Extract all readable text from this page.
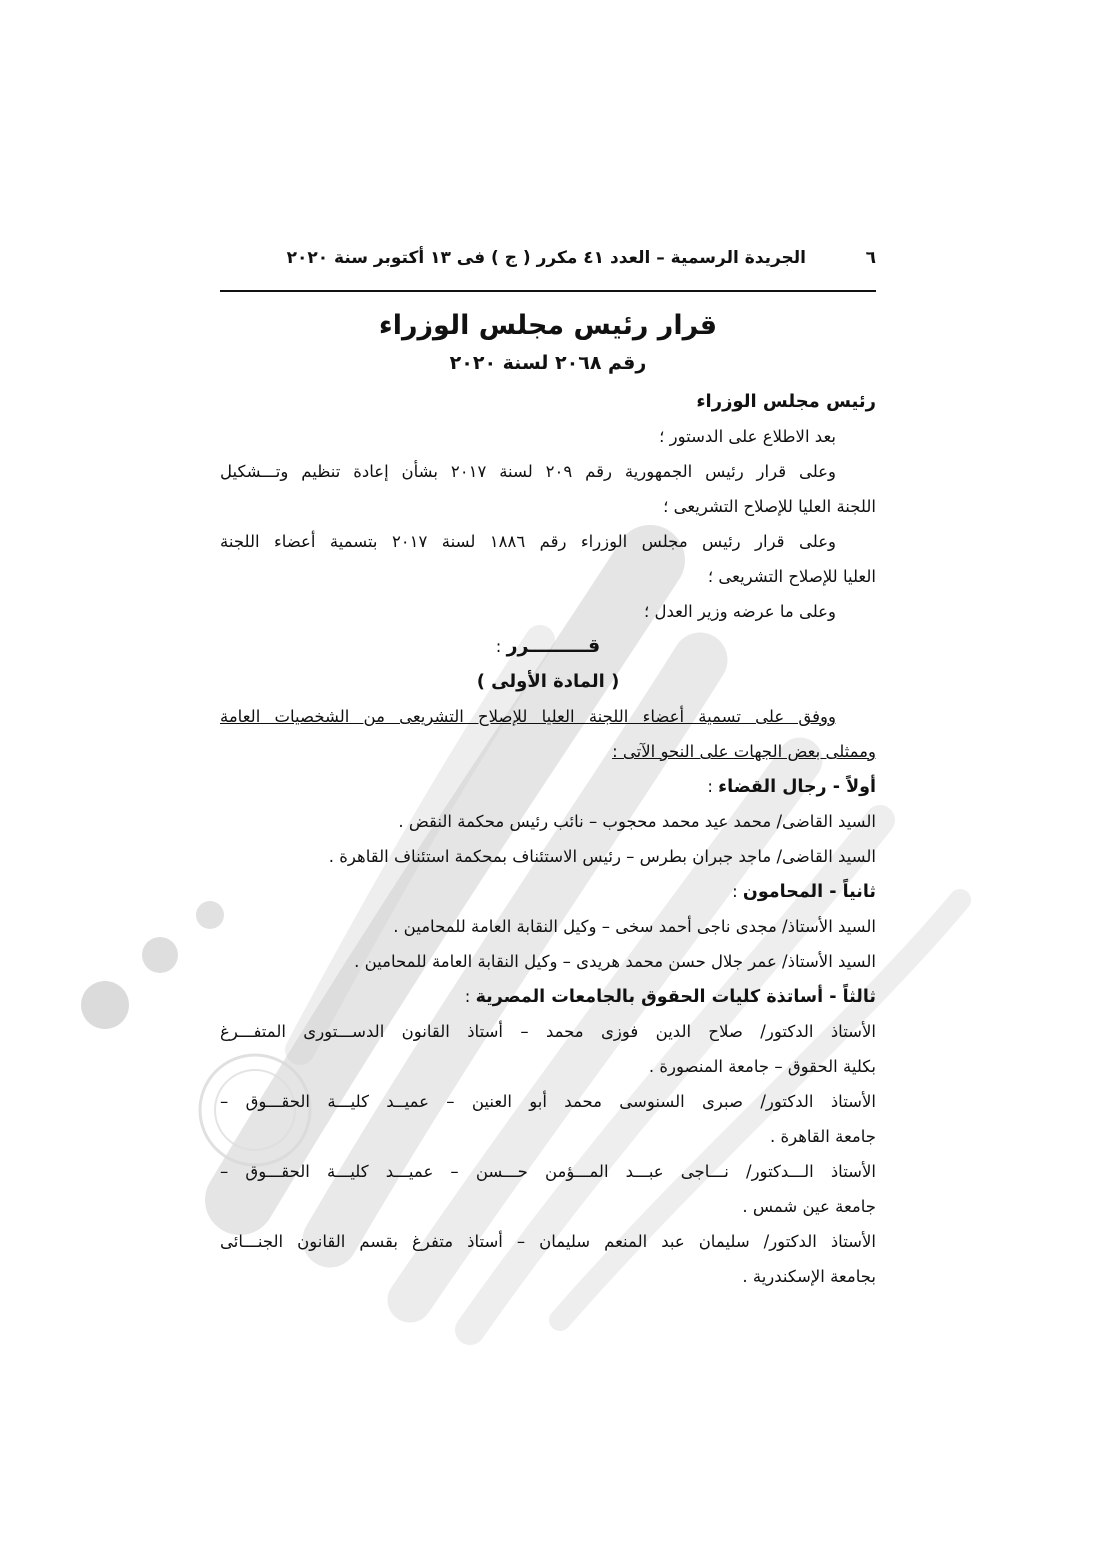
٦
الجريدة الرسمية – العدد ٤١ مكرر ( ج ) فى ١٣ أكتوبر سنة ٢٠٢٠
قرار رئيس مجلس الوزراء
رقم ٢٠٦٨ لسنة ٢٠٢٠
رئيس مجلس الوزراء
بعد الاطلاع على الدستور ؛
وعلى قرار رئيس الجمهورية رقم ٢٠٩ لسنة ٢٠١٧ بشأن إعادة تنظيم وتـــشكيل
اللجنة العليا للإصلاح التشريعى ؛
وعلى قرار رئيس مجلس الوزراء رقم ١٨٨٦ لسنة ٢٠١٧ بتسمية أعضاء اللجنة
العليا للإصلاح التشريعى ؛
وعلى ما عرضه وزير العدل ؛
قـــــــــرر :
( المادة الأولى )
ووفق على تسمية أعضاء اللجنة العليا للإصلاح التشريعى من الشخصيات العامة
وممثلى بعض الجهات على النحو الآتى :
أولاً - رجال القضاء :
السيد القاضى/ محمد عيد محمد محجوب – نائب رئيس محكمة النقض .
السيد القاضى/ ماجد جبران بطرس – رئيس الاستئناف بمحكمة استئناف القاهرة .
ثانياً - المحامون :
السيد الأستاذ/ مجدى ناجى أحمد سخى – وكيل النقابة العامة للمحامين .
السيد الأستاذ/ عمر جلال حسن محمد هريدى – وكيل النقابة العامة للمحامين .
ثالثاً - أساتذة كليات الحقوق بالجامعات المصرية :
الأستاذ الدكتور/ صلاح الدين فوزى محمد – أستاذ القانون الدســـتورى المتفـــرغ
بكلية الحقوق – جامعة المنصورة .
الأستاذ الدكتور/ صبرى السنوسى محمد أبو العنين – عميــد كليـــة الحقـــوق –
جامعة القاهرة .
الأستاذ الـــدكتور/ نـــاجى عبـــد المـــؤمن حـــسن – عميـــد كليـــة الحقـــوق –
جامعة عين شمس .
الأستاذ الدكتور/ سليمان عبد المنعم سليمان – أستاذ متفرغ بقسم القانون الجنـــائى
بجامعة الإسكندرية .
